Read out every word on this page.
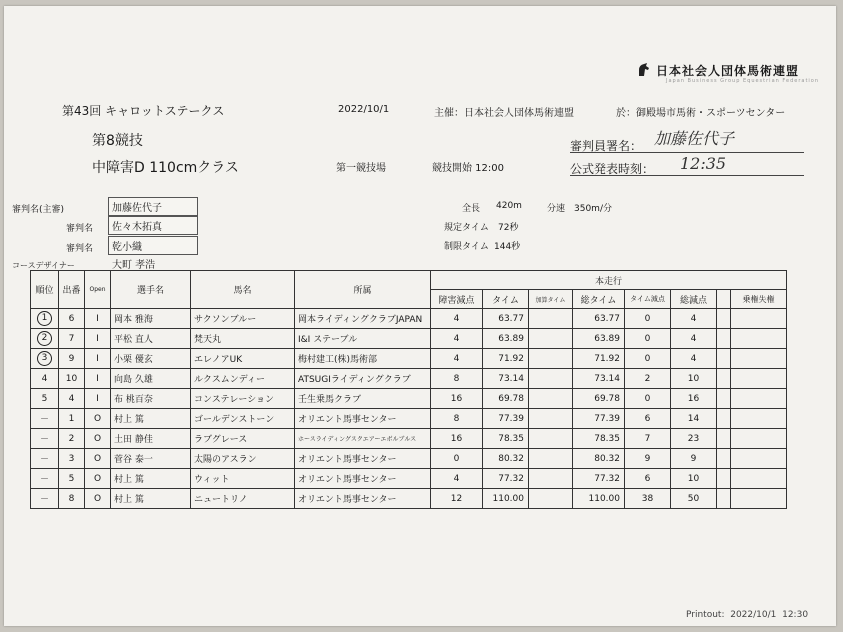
日本社会人団体馬術連盟
Japan Business Group Equestrian Federation
第43回 キャロットステークス	2022/10/1	主催：日本社会人団体馬術連盟	於：御殿場市馬術・スポーツセンター
第8競技
中障害D 110cmクラス	第一競技場	競技開始 12:00
審判員署名： 加藤佐代子
公式発表時刻： 12:35
審判名(主審)	加藤佐代子
審判名	佐々木拓真
審判名	乾小織
コースデザイナー	大町 孝浩
全長 420m	分速 350m/分
規定タイム 72秒
制限タイム 144秒
順位	出番	Open	選手名	馬名	所属	本走行							
						障害減点	タイム	加算タイム	総タイム	タイム減点	総減点		乗権失権
1	6	I	岡本 雅海	サクソンブルー	岡本ライディングクラブJAPAN	4	63.77		63.77	0	4		
2	7	I	平松 直人	梵天丸	I&I ステーブル	4	63.89		63.89	0	4		
3	9	I	小栗 優玄	エレノアUK	梅村建工(株)馬術部	4	71.92		71.92	0	4		
4	10	I	向島 久雄	ルクスムンディー	ATSUGIライディングクラブ	8	73.14		73.14	2	10		
5	4	I	布 桃百奈	コンステレーション	壬生乗馬クラブ	16	69.78		69.78	0	16		
－	1	O	村上 篤	ゴールデンストーン	オリエント馬事センター	8	77.39		77.39	6	14		
－	2	O	土田 静佳	ラブグレース	ホースライディングスクエアーエボルブルス	16	78.35		78.35	7	23		
－	3	O	菅谷 泰一	太陽のアスラン	オリエント馬事センター	0	80.32		80.32	9	9		
－	5	O	村上 篤	ウィット	オリエント馬事センター	4	77.32		77.32	6	10		
－	8	O	村上 篤	ニュートリノ	オリエント馬事センター	12	110.00		110.00	38	50		
Printout: 2022/10/1 12:30
